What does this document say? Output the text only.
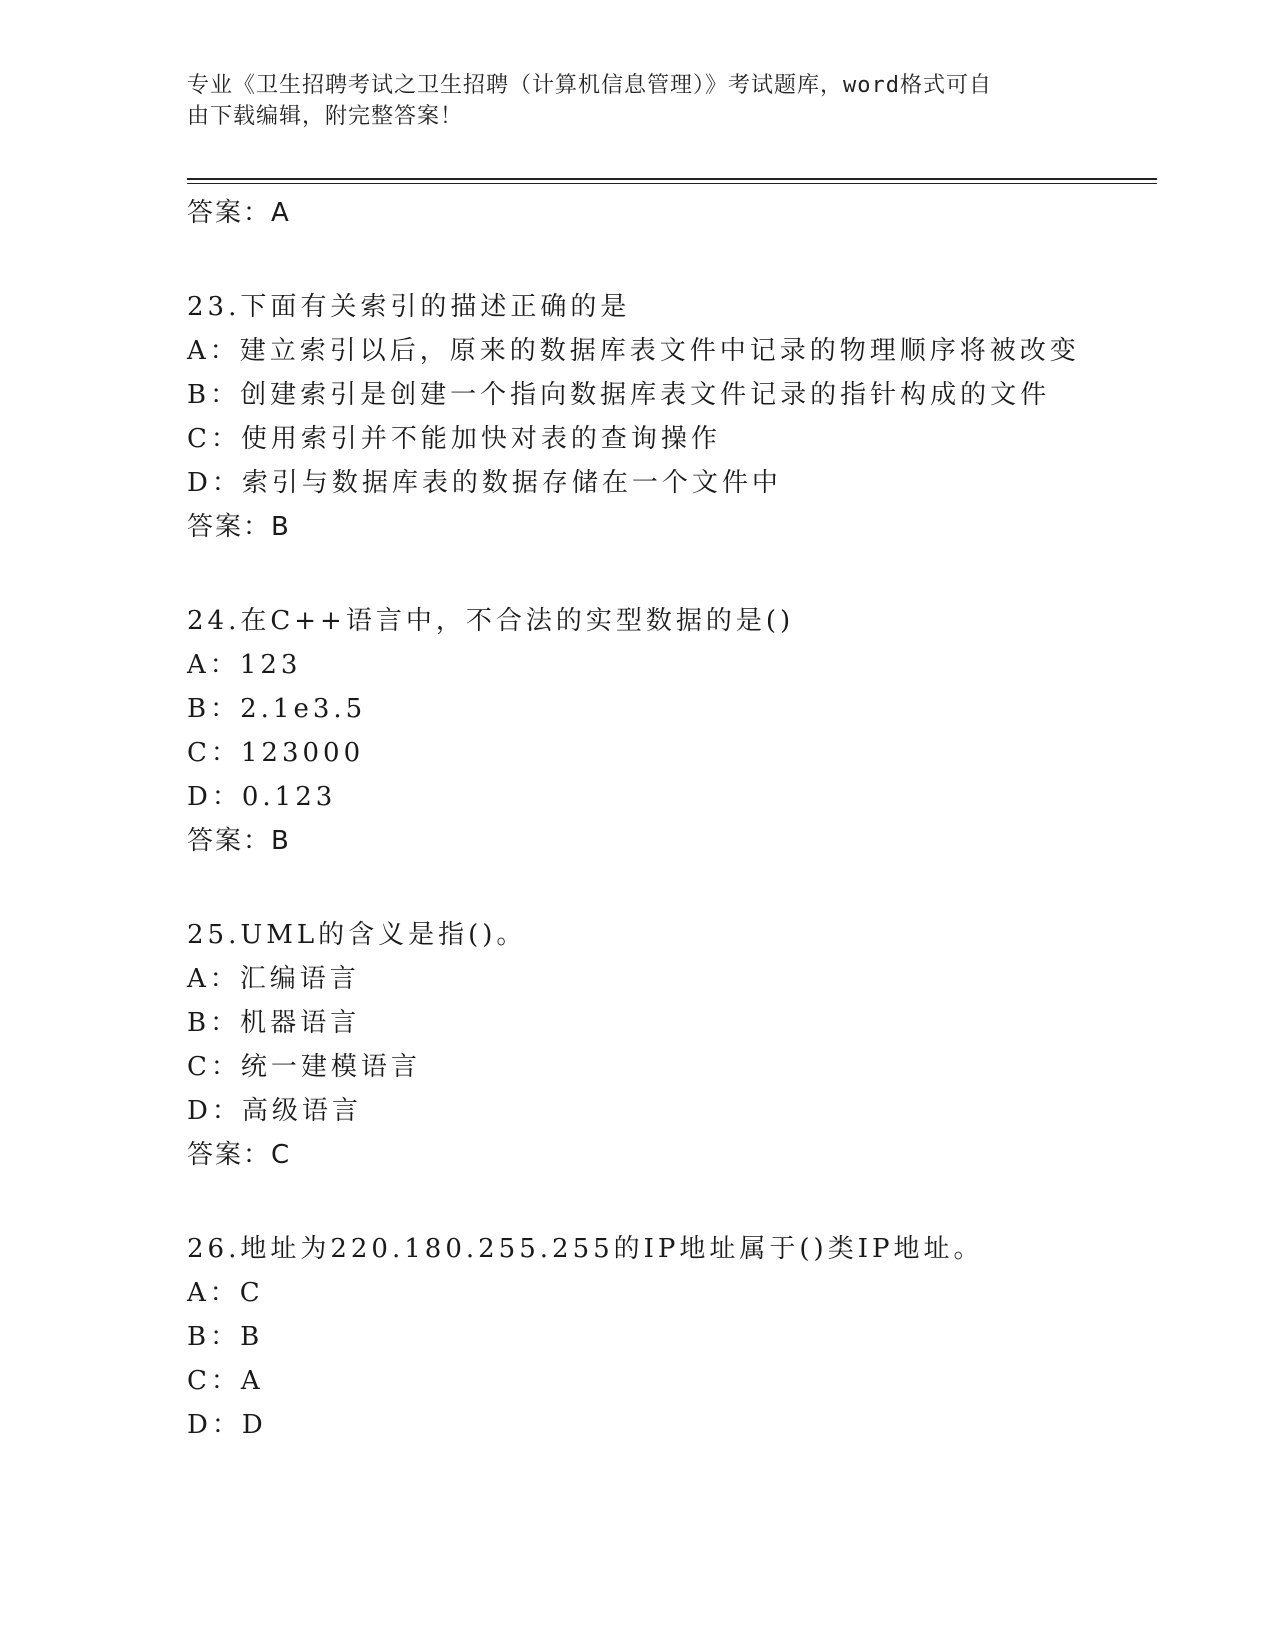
专业《卫生招聘考试之卫生招聘（计算机信息管理）》考试题库，word格式可自
由下载编辑，附完整答案！
答案：A
23.下面有关索引的描述正确的是
A：建立索引以后，原来的数据库表文件中记录的物理顺序将被改变
B：创建索引是创建一个指向数据库表文件记录的指针构成的文件
C：使用索引并不能加快对表的查询操作
D：索引与数据库表的数据存储在一个文件中
答案：B
24.在C++语言中，不合法的实型数据的是()
A：123
B：2.1e3.5
C：123000
D：0.123
答案：B
25.UML的含义是指()。
A：汇编语言
B：机器语言
C：统一建模语言
D：高级语言
答案：C
26.地址为220.180.255.255的IP地址属于()类IP地址。
A：C
B：B
C：A
D：D
